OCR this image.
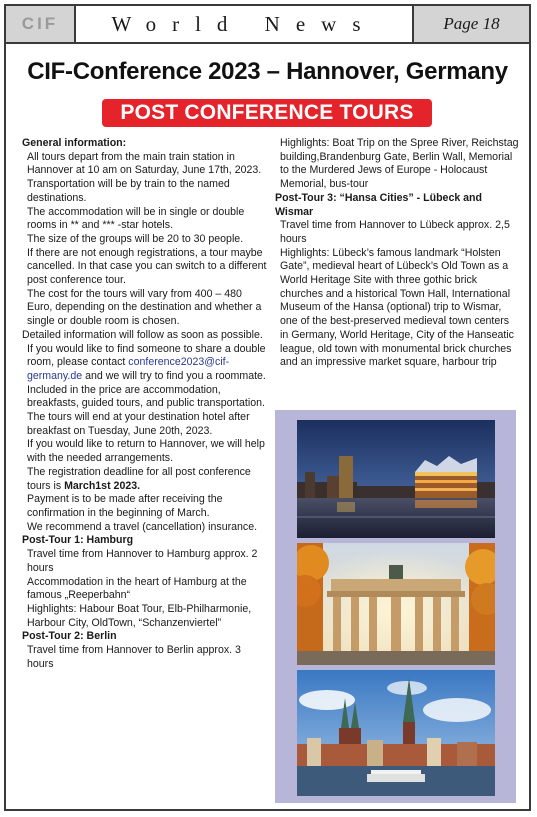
CIF	World News	Page 18
CIF-Conference 2023 – Hannover, Germany
POST CONFERENCE TOURS

General information:

All tours depart from the main train station in Hannover at 10 am on Saturday, June 17th, 2023.

Transportation will be by train to the named destinations.

The accommodation will be in single or double rooms in ** and *** -star hotels.

The size of the groups will be 20 to 30 people.

If there are not enough registrations, a tour maybe cancelled. In that case you can switch to a different post conference tour.

The cost for the tours will vary from 400 – 480 Euro, depending on the destination and whether a single or double room is chosen.

Detailed information will follow as soon as possible.

If you would like to find someone to share a double room, please contact conference2023@cif-germany.de and we will try to find you a roommate.

Included in the price are accommodation, breakfasts, guided tours, and public transportation.

The tours will end at your destination hotel after breakfast on Tuesday, June 20th, 2023.

If you would like to return to Hannover, we will help with the needed arrangements.

The registration deadline for all post conference tours is March1st 2023.

Payment is to be made after receiving the confirmation in the beginning of March.

We recommend a travel (cancellation) insurance.

Post-Tour 1: Hamburg

Travel time from Hannover to Hamburg approx. 2 hours

Accommodation in the heart of Hamburg at the famous „Reeperbahn“

Highlights: Habour Boat Tour, Elb-Philharmonie, Harbour City, OldTown, “Schanzenviertel”

Post-Tour 2: Berlin

Travel time from Hannover to Berlin approx. 3 hours

Highlights: Boat Trip on the Spree River, Reichstag building,Brandenburg Gate, Berlin Wall, Memorial to the Murdered Jews of Europe - Holocaust Memorial, bus-tour

Post-Tour 3: “Hansa Cities” - Lübeck and Wismar

Travel time from Hannover to Lübeck approx. 2,5 hours

Highlights: Lübeck’s famous landmark “Holsten Gate”, medieval heart of Lübeck’s Old Town as a World Heritage Site with three gothic brick churches and a historical Town Hall, International Museum of the Hansa (optional) trip to Wismar, one of the best-preserved medieval town centers in Germany, World Heritage, City of the Hanseatic league, old town with monumental brick churches and an impressive market square, harbour trip
